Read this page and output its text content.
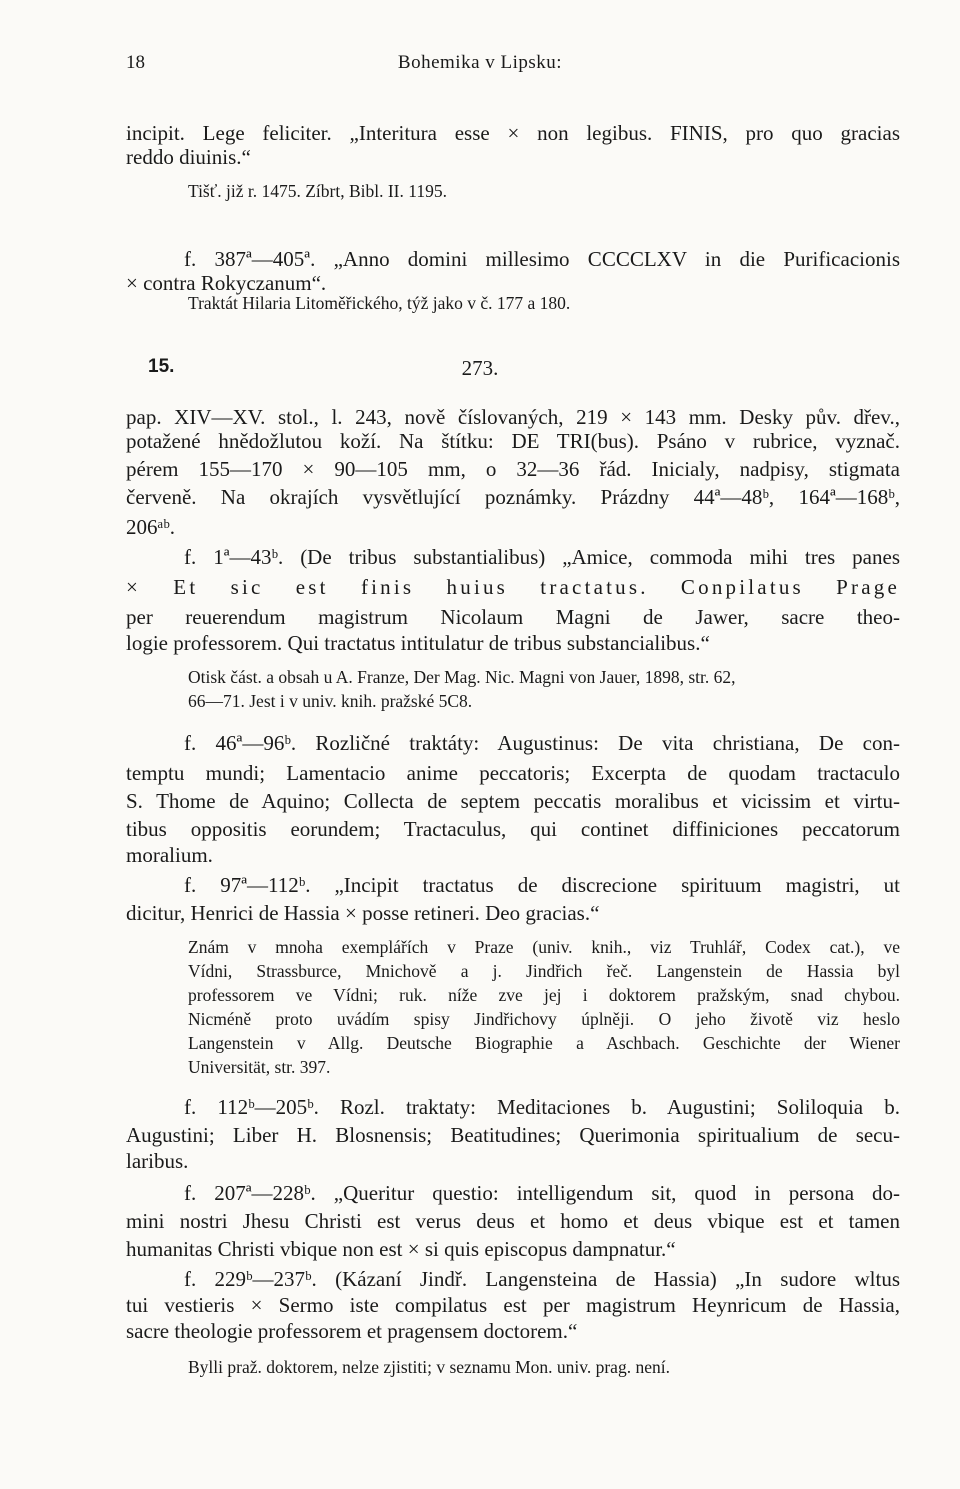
18	Bohemika v Lipsku:
incipit. Lege feliciter. „Interitura esse × non legibus. FINIS, pro quo gracias
reddo diuinis.“
Tišť. již r. 1475. Zíbrt, Bibl. II. 1195.
f. 387ª—405ª. „Anno domini millesimo CCCCLXV in die Purificacionis
× contra Rokyczanum“.
Traktát Hilaria Litoměřického, týž jako v č. 177 a 180.
15.	273.
pap. XIV—XV. stol., l. 243, nově číslovaných, 219 × 143 mm. Desky pův. dřev.,
potažené hnědožlutou koží. Na štítku: DE TRI(bus). Psáno v rubrice, vyznač.
pérem 155—170 × 90—105 mm, o 32—36 řád. Inicialy, nadpisy, stigmata
červeně. Na okrajích vysvětlující poznámky. Prázdny 44ª—48ᵇ, 164ª—168ᵇ,
206ᵃᵇ.
f. 1ª—43ᵇ. (De tribus substantialibus) „Amice, commoda mihi tres panes
× Et sic est finis huius tractatus. Conpilatus Prage
per reuerendum magistrum Nicolaum Magni de Jawer, sacre theo-
logie professorem. Qui tractatus intitulatur de tribus substancialibus.“
Otisk část. a obsah u A. Franze, Der Mag. Nic. Magni von Jauer, 1898, str. 62,
66—71. Jest i v univ. knih. pražské 5C8.
f. 46ª—96ᵇ. Rozličné traktáty: Augustinus: De vita christiana, De con-
temptu mundi; Lamentacio anime peccatoris; Excerpta de quodam tractaculo
S. Thome de Aquino; Collecta de septem peccatis moralibus et vicissim et virtu-
tibus oppositis eorundem; Tractaculus, qui continet diffiniciones peccatorum
moralium.
f. 97ª—112ᵇ. „Incipit tractatus de discrecione spirituum magistri, ut
dicitur, Henrici de Hassia × posse retineri. Deo gracias.“
Znám v mnoha exemplářích v Praze (univ. knih., viz Truhlář, Codex cat.), ve
Vídni, Strassburce, Mnichově a j. Jindřich řeč. Langenstein de Hassia byl
professorem ve Vídni; ruk. níže zve jej i doktorem pražským, snad chybou.
Nicméně proto uvádím spisy Jindřichovy úplněji. O jeho životě viz heslo
Langenstein v Allg. Deutsche Biographie a Aschbach. Geschichte der Wiener
Universität, str. 397.
f. 112ᵇ—205ᵇ. Rozl. traktaty: Meditaciones b. Augustini; Soliloquia b.
Augustini; Liber H. Blosnensis; Beatitudines; Querimonia spiritualium de secu-
laribus.
f. 207ª—228ᵇ. „Queritur questio: intelligendum sit, quod in persona do-
mini nostri Jhesu Christi est verus deus et homo et deus vbique est et tamen
humanitas Christi vbique non est × si quis episcopus dampnatur.“
f. 229ᵇ—237ᵇ. (Kázaní Jindř. Langensteina de Hassia) „In sudore wltus
tui vestieris × Sermo iste compilatus est per magistrum Heynricum de Hassia,
sacre theologie professorem et pragensem doctorem.“
Bylli praž. doktorem, nelze zjistiti; v seznamu Mon. univ. prag. není.
